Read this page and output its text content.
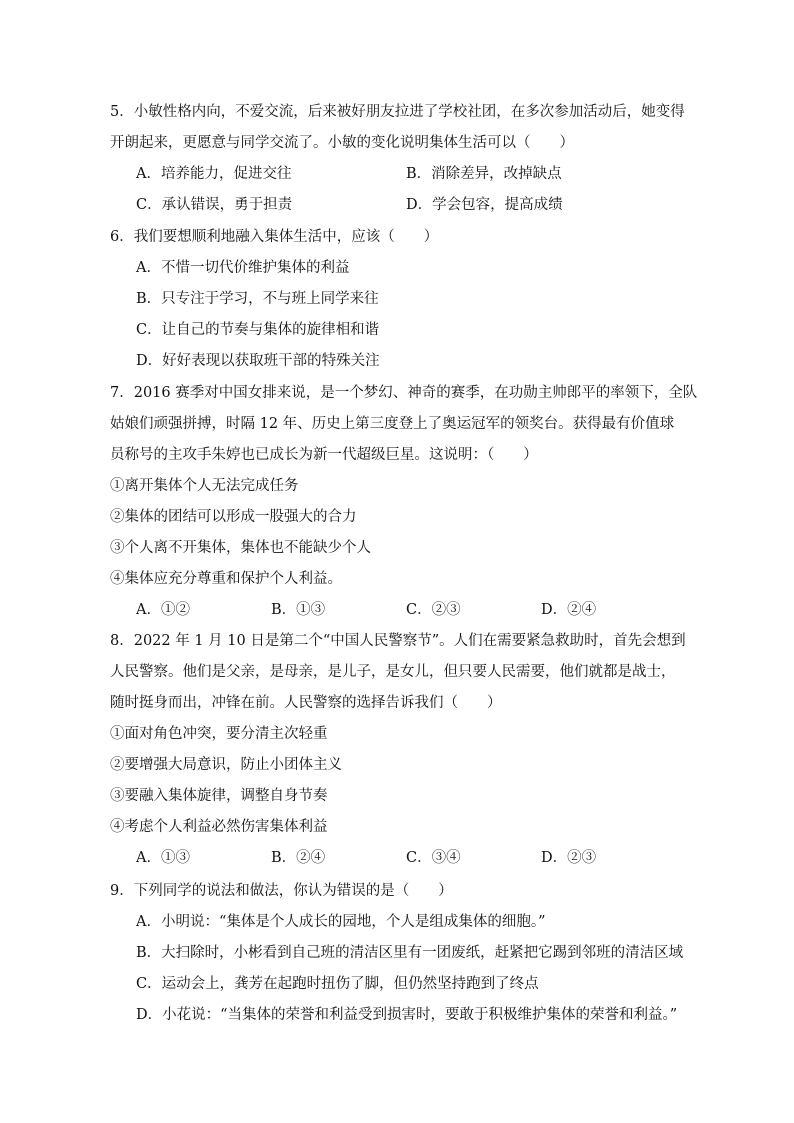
5．小敏性格内向，不爱交流，后来被好朋友拉进了学校社团，在多次参加活动后，她变得
开朗起来，更愿意与同学交流了。小敏的变化说明集体生活可以（　　）
A．培养能力，促进交往	B．消除差异，改掉缺点
C．承认错误，勇于担责	D．学会包容，提高成绩
6．我们要想顺利地融入集体生活中，应该（　　）
A．不惜一切代价维护集体的利益
B．只专注于学习，不与班上同学来往
C．让自己的节奏与集体的旋律相和谐
D．好好表现以获取班干部的特殊关注
7．2016 赛季对中国女排来说，是一个梦幻、神奇的赛季，在功勋主帅郎平的率领下，全队
姑娘们顽强拼搏，时隔 12 年、历史上第三度登上了奥运冠军的领奖台。获得最有价值球
员称号的主攻手朱婷也已成长为新一代超级巨星。这说明：（　　）
①离开集体个人无法完成任务
②集体的团结可以形成一股强大的合力
③个人离不开集体，集体也不能缺少个人
④集体应充分尊重和保护个人利益。
A．①②	B．①③	C．②③	D．②④
8．2022 年 1 月 10 日是第二个“中国人民警察节”。人们在需要紧急救助时，首先会想到
人民警察。他们是父亲，是母亲，是儿子，是女儿，但只要人民需要，他们就都是战士，
随时挺身而出，冲锋在前。人民警察的选择告诉我们（　　）
①面对角色冲突，要分清主次轻重
②要增强大局意识，防止小团体主义
③要融入集体旋律，调整自身节奏
④考虑个人利益必然伤害集体利益
A．①③	B．②④	C．③④	D．②③
9．下列同学的说法和做法，你认为错误的是（　　）
A．小明说：“集体是个人成长的园地，个人是组成集体的细胞。”
B．大扫除时，小彬看到自己班的清洁区里有一团废纸，赶紧把它踢到邻班的清洁区域
C．运动会上，龚芳在起跑时扭伤了脚，但仍然坚持跑到了终点
D．小花说：“当集体的荣誉和利益受到损害时，要敢于积极维护集体的荣誉和利益。”
